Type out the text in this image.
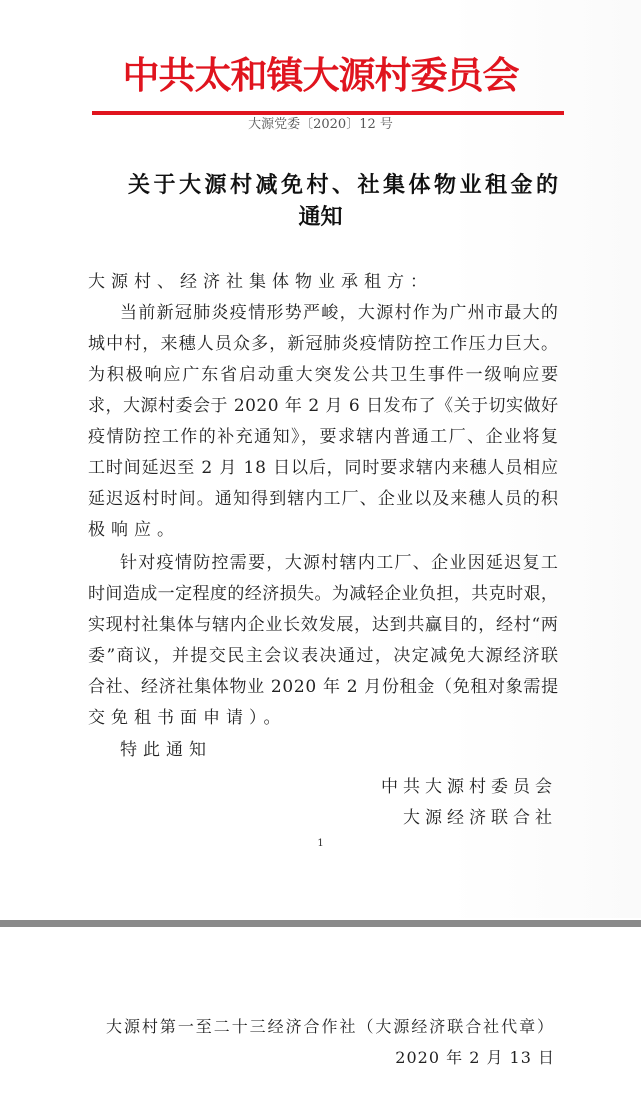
中共太和镇大源村委员会
大源党委〔2020〕12 号
关于大源村减免村、社集体物业租金的
通知
大源村、经济社集体物业承租方：
当前新冠肺炎疫情形势严峻，大源村作为广州市最大的
城中村，来穗人员众多，新冠肺炎疫情防控工作压力巨大。
为积极响应广东省启动重大突发公共卫生事件一级响应要
求，大源村委会于 2020 年 2 月 6 日发布了《关于切实做好
疫情防控工作的补充通知》，要求辖内普通工厂、企业将复
工时间延迟至 2 月 18 日以后，同时要求辖内来穗人员相应
延迟返村时间。通知得到辖内工厂、企业以及来穗人员的积
极响应。
针对疫情防控需要，大源村辖内工厂、企业因延迟复工
时间造成一定程度的经济损失。为减轻企业负担，共克时艰，
实现村社集体与辖内企业长效发展，达到共赢目的，经村“两
委”商议，并提交民主会议表决通过，决定减免大源经济联
合社、经济社集体物业 2020 年 2 月份租金（免租对象需提
交免租书面申请）。
特此通知
中共大源村委员会
大源经济联合社
1
大源村第一至二十三经济合作社（大源经济联合社代章）
2020 年 2 月 13 日
